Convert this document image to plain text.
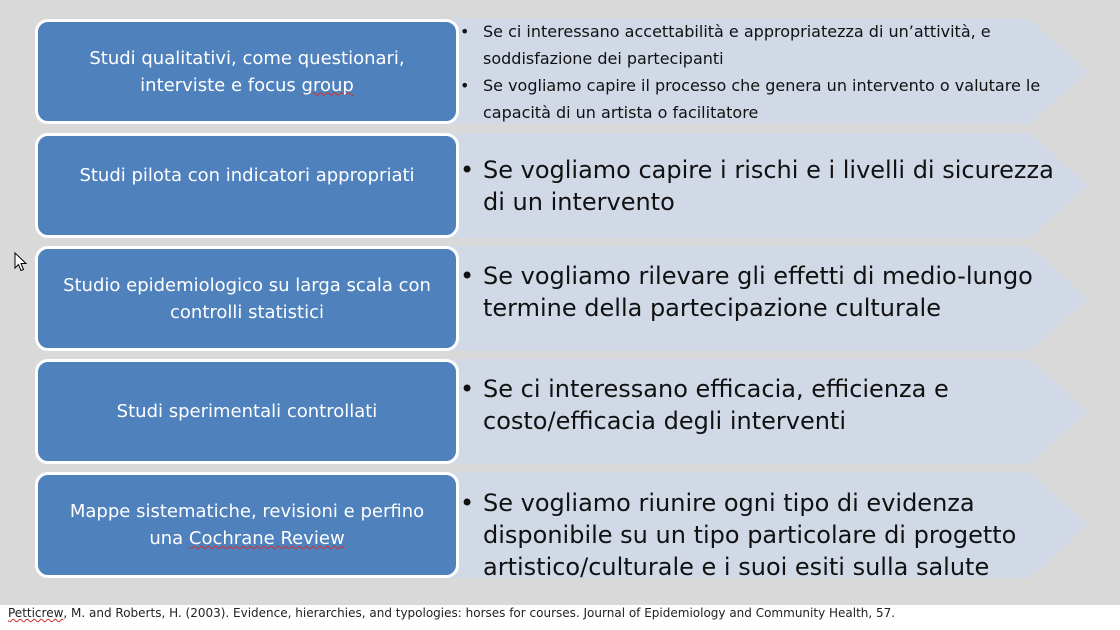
Studi qualitativi, come questionari, interviste e focus group
• Se ci interessano accettabilità e appropriatezza di un’attività, e soddisfazione dei partecipanti
• Se vogliamo capire il processo che genera un intervento o valutare le capacità di un artista o facilitatore
Studi pilota con indicatori appropriati
•	Se vogliamo capire i rischi e i livelli di sicurezza di un intervento
Studio epidemiologico su larga scala con controlli statistici
• Se vogliamo rilevare gli effetti di medio-lungo termine della partecipazione culturale
Studi sperimentali controllati
• Se ci interessano efficacia, efficienza e costo/efficacia degli interventi
Mappe sistematiche, revisioni e perfino una Cochrane Review
• Se vogliamo riunire ogni tipo di evidenza disponibile su un tipo particolare di progetto artistico/culturale e i suoi esiti sulla salute
Petticrew, M. and Roberts, H. (2003). Evidence, hierarchies, and typologies: horses for courses. Journal of Epidemiology and Community Health, 57.
